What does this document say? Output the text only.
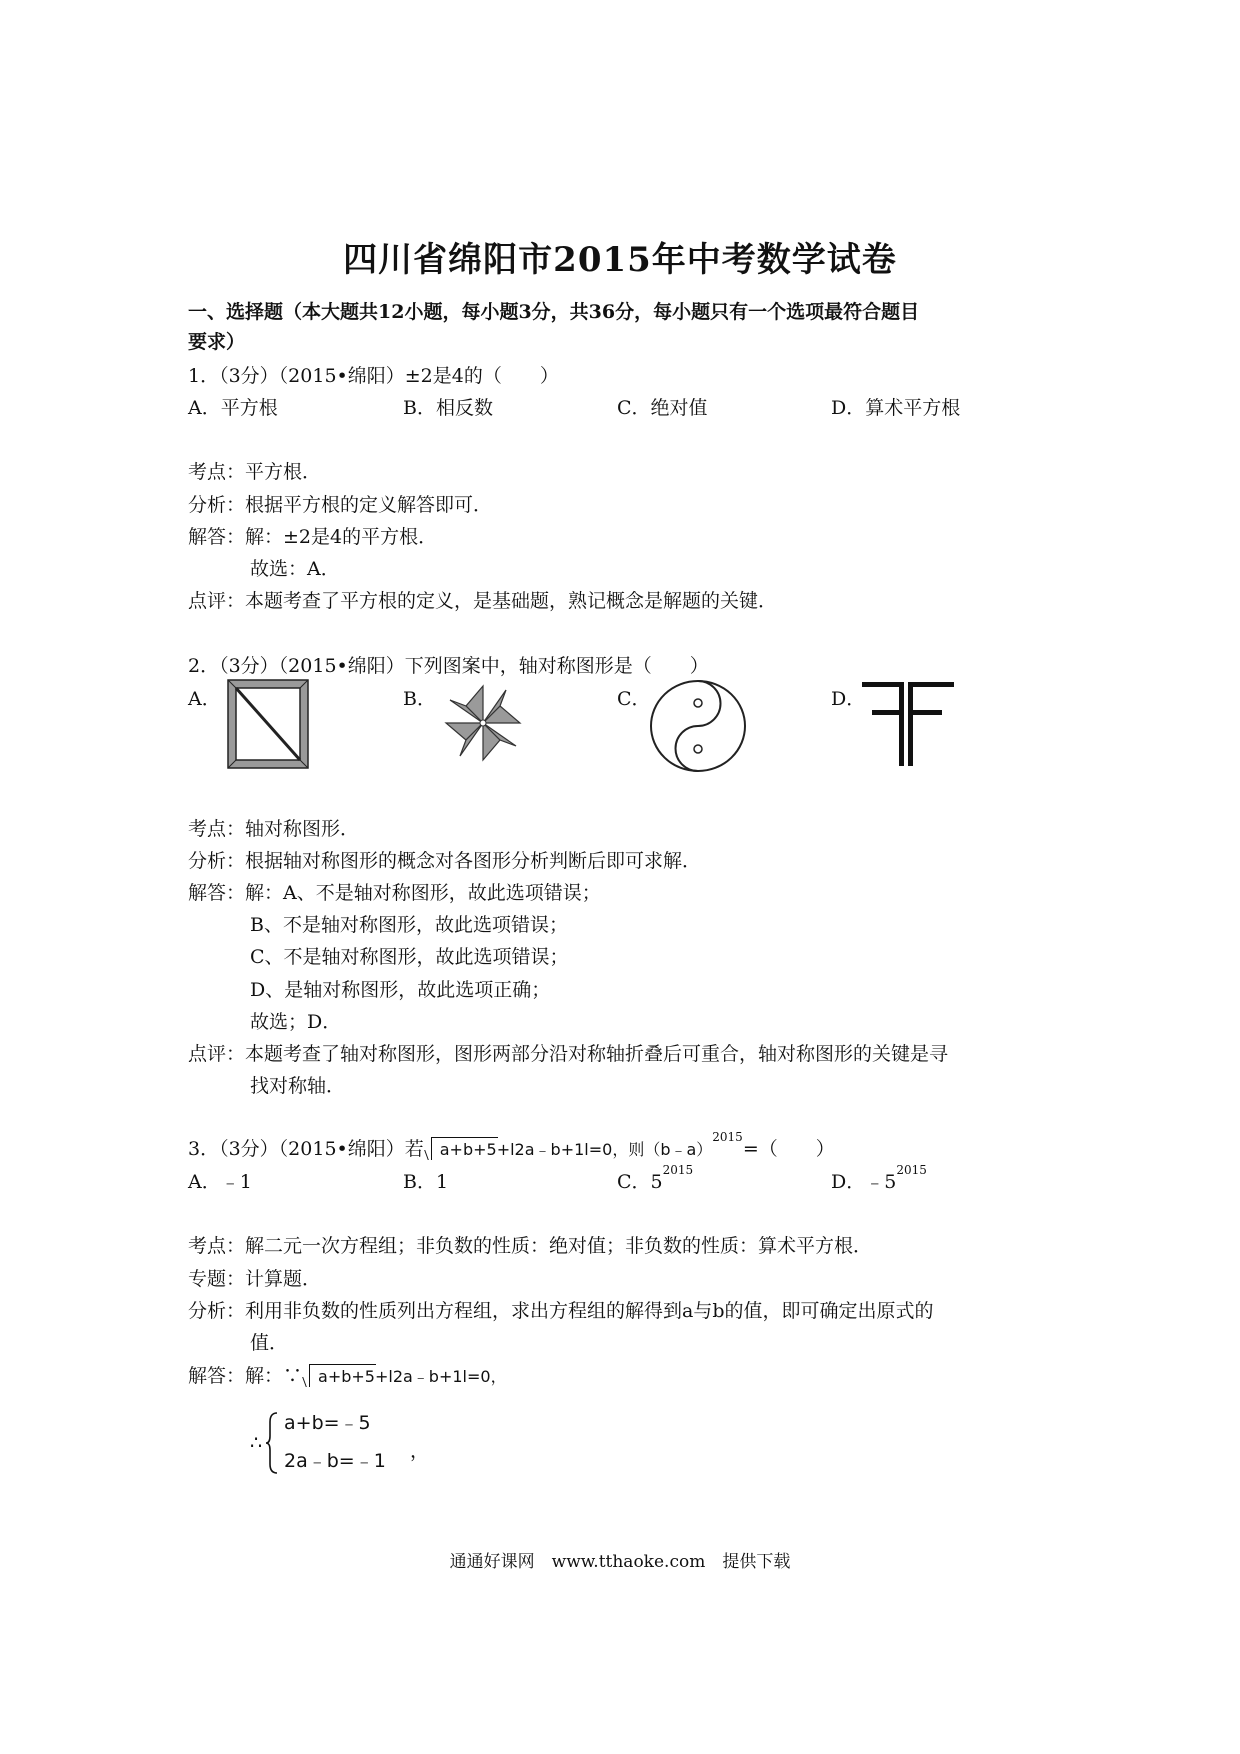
四川省绵阳市2015年中考数学试卷
一、选择题（本大题共12小题，每小题3分，共36分，每小题只有一个选项最符合题目
要求）
1．（3分）（2015•绵阳）±2是4的（　　）
A．平方根	B．相反数	C．绝对值	D．算术平方根
考点：平方根．
分析：根据平方根的定义解答即可．
解答：解：±2是4的平方根．
故选：A．
点评：本题考查了平方根的定义，是基础题，熟记概念是解题的关键．
2．（3分）（2015•绵阳）下列图案中，轴对称图形是（　　）
A．	B．	C．	D．
考点：轴对称图形．
分析：根据轴对称图形的概念对各图形分析判断后即可求解．
解答：解：A、不是轴对称图形，故此选项错误；
B、不是轴对称图形，故此选项错误；
C、不是轴对称图形，故此选项错误；
D、是轴对称图形，故此选项正确；
故选；D．
点评：本题考查了轴对称图形，图形两部分沿对称轴折叠后可重合，轴对称图形的关键是寻
找对称轴．
3．（3分）（2015•绵阳）若 a+b+5+l2a﹣b+1l=0，则（b﹣a）$^{2015}$=（　　）
A．﹣1	B．1	C．$5^{2015}$
D．$﹣5^{2015}$
考点：解二元一次方程组；非负数的性质：绝对值；非负数的性质：算术平方根．
专题：计算题．
分析：利用非负数的性质列出方程组，求出方程组的解得到a与b的值，即可确定出原式的
值．
解答：解：∵ a+b+5+l2a﹣b+1l=0，
∴
a+b=﹣5
2a﹣b=﹣1 ，
通通好课网　www.tthaoke.com　提供下载
